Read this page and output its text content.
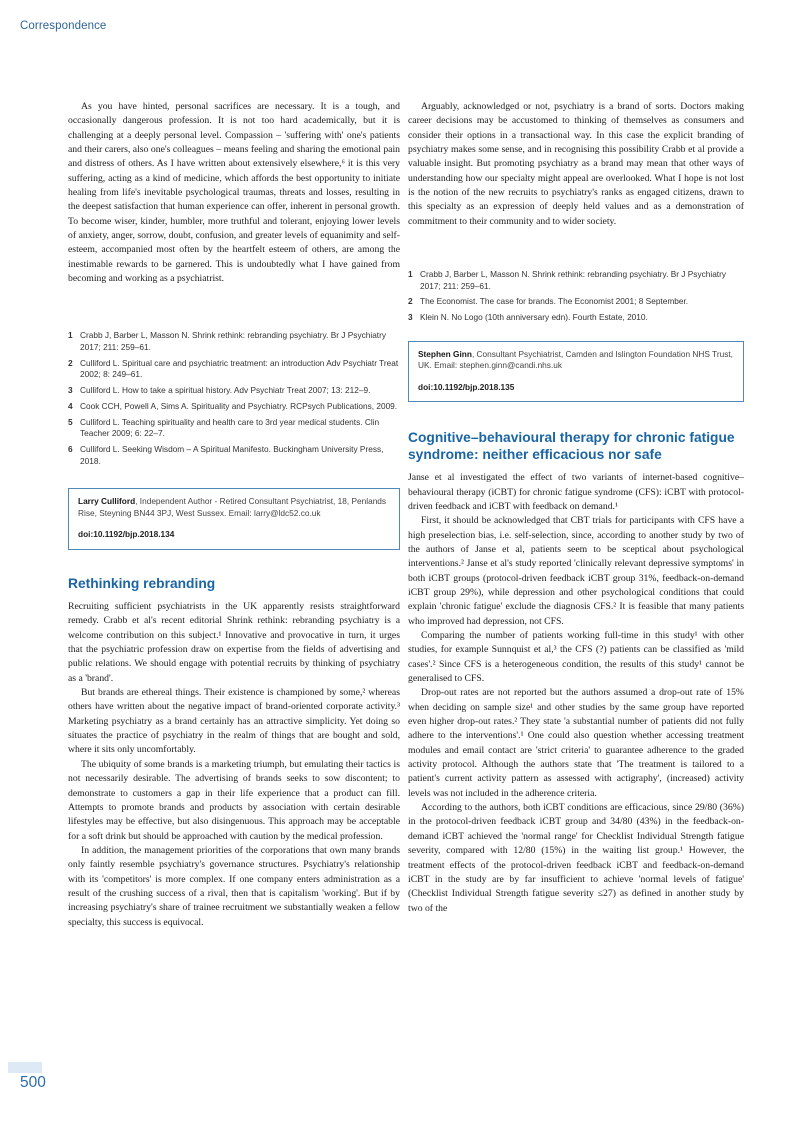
Correspondence

As you have hinted, personal sacrifices are necessary. It is a tough, and occasionally dangerous profession. It is not too hard academically, but it is challenging at a deeply personal level. Compassion – 'suffering with' one's patients and their carers, also one's colleagues – means feeling and sharing the emotional pain and distress of others. As I have written about extensively elsewhere,⁶ it is this very suffering, acting as a kind of medicine, which affords the best opportunity to initiate healing from life's inevitable psychological traumas, threats and losses, resulting in the deepest satisfaction that human experience can offer, inherent in personal growth. To become wiser, kinder, humbler, more truthful and tolerant, enjoying lower levels of anxiety, anger, sorrow, doubt, confusion, and greater levels of equanimity and self-esteem, accompanied most often by the heartfelt esteem of others, are among the inestimable rewards to be garnered. This is undoubtedly what I have gained from becoming and working as a psychiatrist.

1 Crabb J, Barber L, Masson N. Shrink rethink: rebranding psychiatry. Br J Psychiatry 2017; 211: 259–61.
2 Culliford L. Spiritual care and psychiatric treatment: an introduction Adv Psychiatr Treat 2002; 8: 249–61.
3 Culliford L. How to take a spiritual history. Adv Psychiatr Treat 2007; 13: 212–9.
4 Cook CCH, Powell A, Sims A. Spirituality and Psychiatry. RCPsych Publications, 2009.
5 Culliford L. Teaching spirituality and health care to 3rd year medical students. Clin Teacher 2009; 6: 22–7.
6 Culliford L. Seeking Wisdom – A Spiritual Manifesto. Buckingham University Press, 2018.
Larry Culliford, Independent Author - Retired Consultant Psychiatrist, 18, Penlands Rise, Steyning BN44 3PJ, West Sussex. Email: larry@ldc52.co.uk
doi:10.1192/bjp.2018.134
Rethinking rebranding

Recruiting sufficient psychiatrists in the UK apparently resists straightforward remedy. Crabb et al's recent editorial Shrink rethink: rebranding psychiatry is a welcome contribution on this subject.¹ Innovative and provocative in turn, it urges that the psychiatric profession draw on expertise from the fields of advertising and public relations. We should engage with potential recruits by thinking of psychiatry as a 'brand'.

But brands are ethereal things. Their existence is championed by some,² whereas others have written about the negative impact of brand-oriented corporate activity.³ Marketing psychiatry as a brand certainly has an attractive simplicity. Yet doing so situates the practice of psychiatry in the realm of things that are bought and sold, where it sits only uncomfortably.

The ubiquity of some brands is a marketing triumph, but emulating their tactics is not necessarily desirable. The advertising of brands seeks to sow discontent; to demonstrate to customers a gap in their life experience that a product can fill. Attempts to promote brands and products by association with certain desirable lifestyles may be effective, but also disingenuous. This approach may be acceptable for a soft drink but should be approached with caution by the medical profession.

In addition, the management priorities of the corporations that own many brands only faintly resemble psychiatry's governance structures. Psychiatry's relationship with its 'competitors' is more complex. If one company enters administration as a result of the crushing success of a rival, then that is capitalism 'working'. But if by increasing psychiatry's share of trainee recruitment we substantially weaken a fellow specialty, this success is equivocal.

Arguably, acknowledged or not, psychiatry is a brand of sorts. Doctors making career decisions may be accustomed to thinking of themselves as consumers and consider their options in a transactional way. In this case the explicit branding of psychiatry makes some sense, and in recognising this possibility Crabb et al provide a valuable insight. But promoting psychiatry as a brand may mean that other ways of understanding how our specialty might appeal are overlooked. What I hope is not lost is the notion of the new recruits to psychiatry's ranks as engaged citizens, drawn to this specialty as an expression of deeply held values and as a demonstration of commitment to their community and to wider society.

1 Crabb J, Barber L, Masson N. Shrink rethink: rebranding psychiatry. Br J Psychiatry 2017; 211: 259–61.
2 The Economist. The case for brands. The Economist 2001; 8 September.
3 Klein N. No Logo (10th anniversary edn). Fourth Estate, 2010.
Stephen Ginn, Consultant Psychiatrist, Camden and Islington Foundation NHS Trust, UK. Email: stephen.ginn@candi.nhs.uk
doi:10.1192/bjp.2018.135
Cognitive–behavioural therapy for chronic fatigue syndrome: neither efficacious nor safe

Janse et al investigated the effect of two variants of internet-based cognitive–behavioural therapy (iCBT) for chronic fatigue syndrome (CFS): iCBT with protocol-driven feedback and iCBT with feedback on demand.¹

First, it should be acknowledged that CBT trials for participants with CFS have a high preselection bias, i.e. self-selection, since, according to another study by two of the authors of Janse et al, patients seem to be sceptical about psychological interventions.² Janse et al's study reported 'clinically relevant depressive symptoms' in both iCBT groups (protocol-driven feedback iCBT group 31%, feedback-on-demand iCBT group 29%), while depression and other psychological conditions that could explain 'chronic fatigue' exclude the diagnosis CFS.² It is feasible that many patients who improved had depression, not CFS.

Comparing the number of patients working full-time in this study¹ with other studies, for example Sunnquist et al,³ the CFS (?) patients can be classified as 'mild cases'.² Since CFS is a heterogeneous condition, the results of this study¹ cannot be generalised to CFS.

Drop-out rates are not reported but the authors assumed a drop-out rate of 15% when deciding on sample size¹ and other studies by the same group have reported even higher drop-out rates.² They state 'a substantial number of patients did not fully adhere to the interventions'.¹ One could also question whether accessing treatment modules and email contact are 'strict criteria' to guarantee adherence to the graded activity protocol. Although the authors state that 'The treatment is tailored to a patient's current activity pattern as assessed with actigraphy', (increased) activity levels was not included in the adherence criteria.

According to the authors, both iCBT conditions are efficacious, since 29/80 (36%) in the protocol-driven feedback iCBT group and 34/80 (43%) in the feedback-on-demand iCBT achieved the 'normal range' for Checklist Individual Strength fatigue severity, compared with 12/80 (15%) in the waiting list group.¹ However, the treatment effects of the protocol-driven feedback iCBT and feedback-on-demand iCBT in the study are by far insufficient to achieve 'normal levels of fatigue' (Checklist Individual Strength fatigue severity ≤27) as defined in another study by two of the

500
